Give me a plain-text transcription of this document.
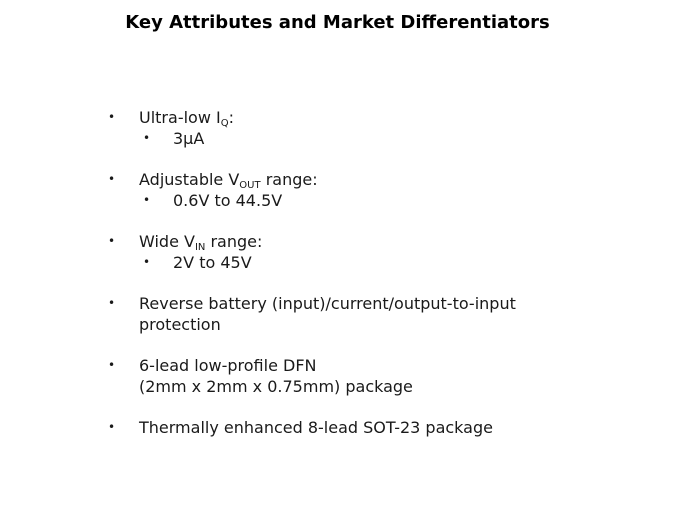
Key Attributes and Market Differentiators
• Ultra-low $I_Q$:
• 3µA
• Adjustable $V_{OUT}$ range:
• 0.6V to 44.5V
• Wide $V_{IN}$ range:
• 2V to 45V
• Reverse battery (input)/current/output-to-input
protection
• 6-lead low-profile DFN
(2mm x 2mm x 0.75mm) package
• Thermally enhanced 8-lead SOT-23 package
